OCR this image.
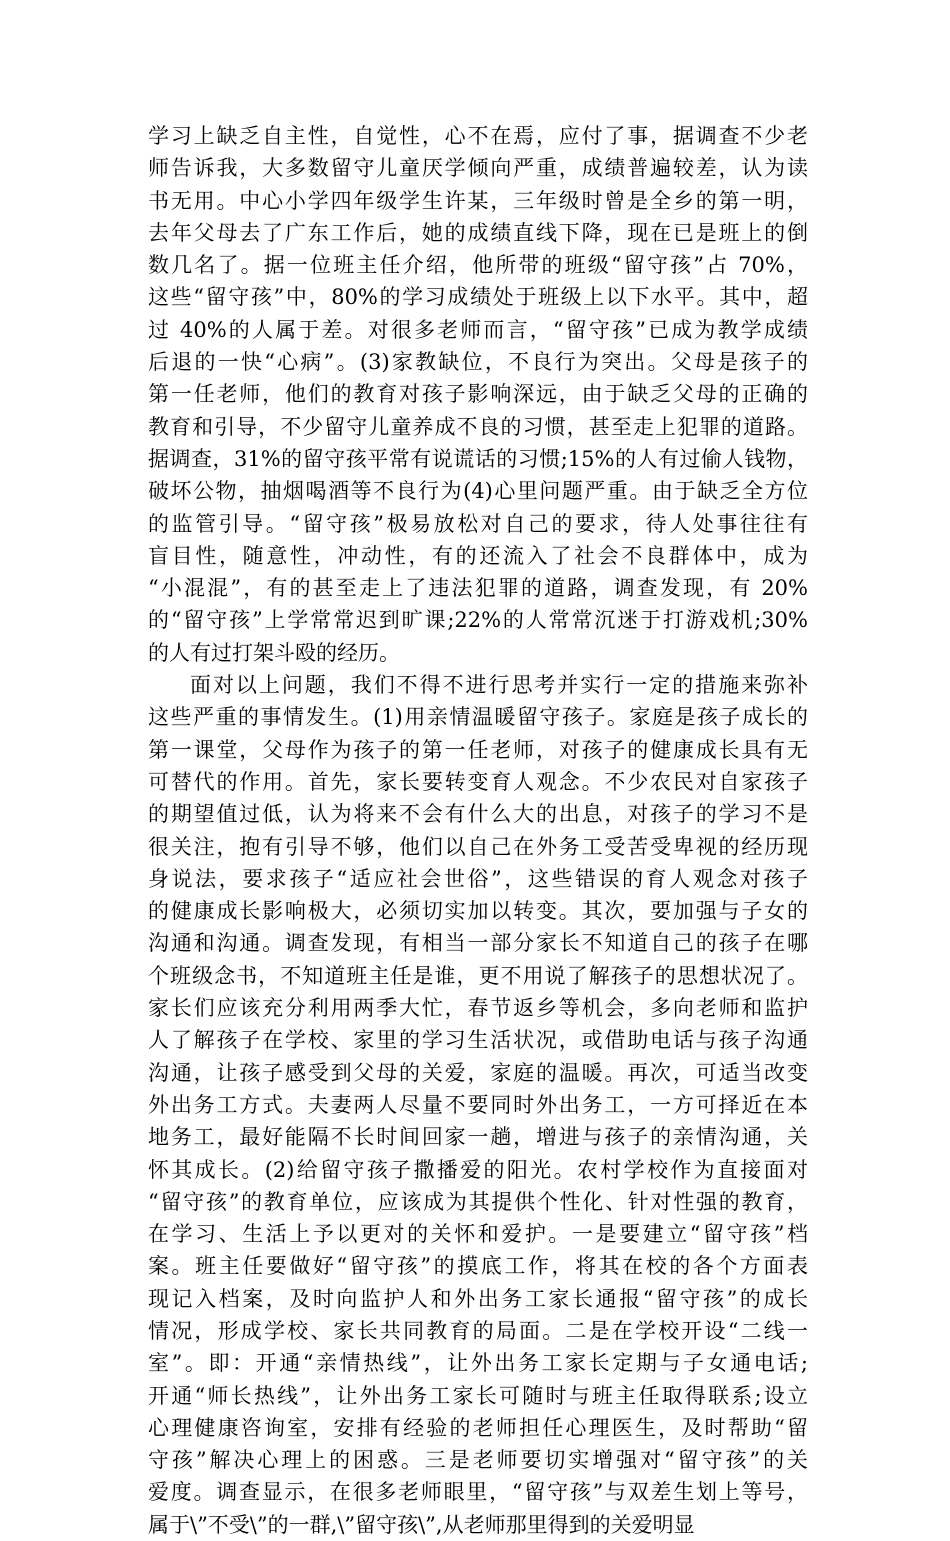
学习上缺乏自主性，自觉性，心不在焉，应付了事，据调查不少老
师告诉我，大多数留守儿童厌学倾向严重，成绩普遍较差，认为读
书无用。中心小学四年级学生许某，三年级时曾是全乡的第一明，
去年父母去了广东工作后，她的成绩直线下降，现在已是班上的倒
数几名了。据一位班主任介绍，他所带的班级“留守孩”占 70%，
这些“留守孩”中，80%的学习成绩处于班级上以下水平。其中，超
过 40%的人属于差。对很多老师而言，“留守孩”已成为教学成绩
后退的一快“心病”。(3)家教缺位，不良行为突出。父母是孩子的
第一任老师，他们的教育对孩子影响深远，由于缺乏父母的正确的
教育和引导，不少留守儿童养成不良的习惯，甚至走上犯罪的道路。
据调查，31%的留守孩平常有说谎话的习惯;15%的人有过偷人钱物，
破坏公物，抽烟喝酒等不良行为(4)心里问题严重。由于缺乏全方位
的监管引导。“留守孩”极易放松对自己的要求，待人处事往往有
盲目性，随意性，冲动性，有的还流入了社会不良群体中，成为
“小混混”，有的甚至走上了违法犯罪的道路，调查发现，有 20%
的“留守孩”上学常常迟到旷课;22%的人常常沉迷于打游戏机;30%
的人有过打架斗殴的经历。
面对以上问题，我们不得不进行思考并实行一定的措施来弥补
这些严重的事情发生。(1)用亲情温暖留守孩子。家庭是孩子成长的
第一课堂，父母作为孩子的第一任老师，对孩子的健康成长具有无
可替代的作用。首先，家长要转变育人观念。不少农民对自家孩子
的期望值过低，认为将来不会有什么大的出息，对孩子的学习不是
很关注，抱有引导不够，他们以自己在外务工受苦受卑视的经历现
身说法，要求孩子“适应社会世俗”，这些错误的育人观念对孩子
的健康成长影响极大，必须切实加以转变。其次，要加强与子女的
沟通和沟通。调查发现，有相当一部分家长不知道自己的孩子在哪
个班级念书，不知道班主任是谁，更不用说了解孩子的思想状况了。
家长们应该充分利用两季大忙，春节返乡等机会，多向老师和监护
人了解孩子在学校、家里的学习生活状况，或借助电话与孩子沟通
沟通，让孩子感受到父母的关爱，家庭的温暖。再次，可适当改变
外出务工方式。夫妻两人尽量不要同时外出务工，一方可择近在本
地务工，最好能隔不长时间回家一趟，增进与孩子的亲情沟通，关
怀其成长。(2)给留守孩子撒播爱的阳光。农村学校作为直接面对
“留守孩”的教育单位，应该成为其提供个性化、针对性强的教育，
在学习、生活上予以更对的关怀和爱护。一是要建立“留守孩”档
案。班主任要做好“留守孩”的摸底工作，将其在校的各个方面表
现记入档案，及时向监护人和外出务工家长通报“留守孩”的成长
情况，形成学校、家长共同教育的局面。二是在学校开设“二线一
室”。即：开通“亲情热线”，让外出务工家长定期与子女通电话;
开通“师长热线”，让外出务工家长可随时与班主任取得联系;设立
心理健康咨询室，安排有经验的老师担任心理医生，及时帮助“留
守孩”解决心理上的困惑。三是老师要切实增强对“留守孩”的关
爱度。调查显示，在很多老师眼里，“留守孩”与双差生划上等号，
属于\”不受\”的一群,\”留守孩\”,从老师那里得到的关爱明显
